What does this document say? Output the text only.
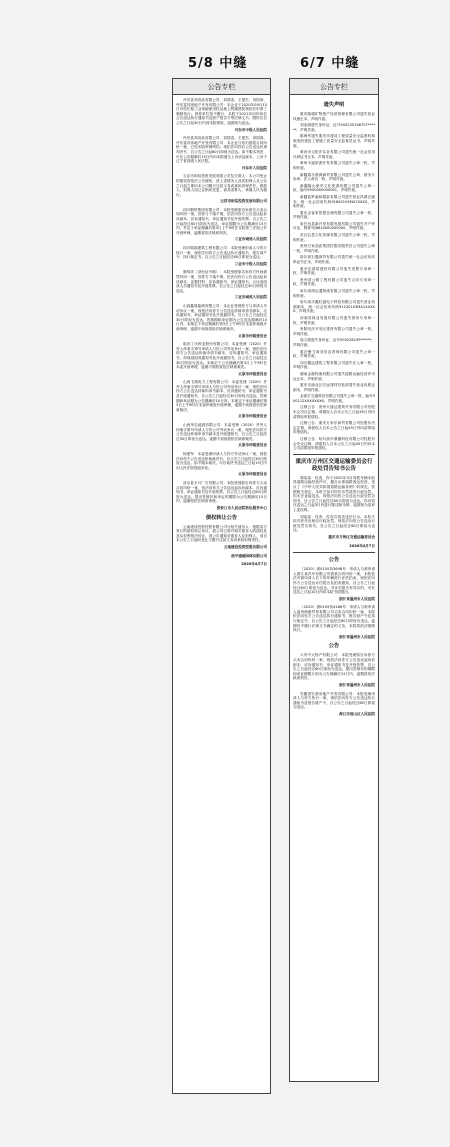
5/8 中缝	6/7 中缝
公告专栏

丹东富邦食品有限公司、刘国清、王建杰、刘国涛、丹东富邦房地产开发有限公司：本企业于2020年09月15日对你们原工业用地使用权及地上附属建筑物依法申请了强制执行。因你单位拒不履行，本院于2021年向你单位公告送达执行通知书及财产报告令等法律文书，限你们自公告之日起30日内到本院领取，逾期视为送达。

丹东市中级人民法院

丹东富邦食品有限公司、刘国清、王建杰、刘国涛、丹东富邦房地产开发有限公司：本企业与你们借款合同纠纷一案，已经本院审理终结。现依法向你们公告送达民事判决书，自公告之日起60日即视为送达。如不服本判决，可在公告期满后15日内向本院递交上诉状及副本，上诉于辽宁省高级人民法院。

丹东市人民法院

云浮市和信投资发展有限公司及关联人：本公司受让的债权现依法公告催收，请上述债务人及其担保人从公告之日起立即向本公司履行还款义务或承担担保责任。借款人、担保人如已注销或变更，请其清算人、承继人代为履行。

云浮市和信投资发展有限公司

四川钢铁集团有限公司：本院受理原告诉被告买卖合同纠纷一案，因你方下落不明，依法向你方公告送达起诉状副本、应诉通知书、举证通知书及开庭传票。自公告之日起经过60日即视为送达，举证期限为公告期满后15日内，并定于举证期满后第3日上午9时在本院第三法庭公开开庭审理，逾期将依法缺席判决。

三亚市城郊人民法院

四川锦源建筑工程有限公司：本院受理申请人与你方执行一案，现依法向你方公告送达执行通知书、报告财产令、执行裁定书。自公告之日起经过60日即视为送达。

三亚市中级人民法院

康明祥（身份证号略）：本院受理原告诉你方民间借贷纠纷一案，因你方下落不明，依法向你方公告送达起诉状副本、证据材料、应诉通知书、举证通知书、合议庭组成人员通知书及开庭传票。自公告之日起经过30日即视为送达。

三亚市城郊人民法院

山西鑫晟能源有限公司：本企业受理你方与申请人劳动争议一案，现依法向你方公告送达仲裁申请书副本、应诉通知书、举证通知书及开庭通知书。自公告之日起经过30日即视为送达，答辩期和举证期为公告送达期满后10日内。本案定于举证期满后第3日上午9时在本委仲裁庭开庭审理，逾期不到庭将依法缺席裁决。

太原市仲裁委员会

临汾丁氏种业股份有限公司：本委受理（2020）并劳人仲案字第号申请人与你公司劳动争议一案，现依法向你方公告送达仲裁申请书副本、应诉通知书、举证通知书、仲裁庭组成通知书及开庭通知书。自公告之日起经过30日即视为送达。本案定于公告期满后第3日上午9时在本委开庭审理，逾期不到庭将依法缺席裁决。

太原市仲裁委员会

山西飞翔电力工程有限公司：本委受理（2020）并劳人仲案字第号申请人与你公司劳动争议一案，现依法向你方公告送达仲裁申请书副本、应诉通知书、举证通知书及开庭通知书，自公告之日起经过30日即视为送达。答辩期和举证期为公告期满后10日内。本案定于举证期满后第3日上午9时在本委仲裁庭开庭审理，逾期不到庭将依法缺席裁决。

太原市仲裁委员会

山西华弘能源有限公司：本委受理（2020）并劳人仲案字第号申请人与你公司劳动争议一案，现依法向你方公告送达仲裁申请书副本及开庭通知书，自公告之日起经过30日即视为送达。逾期不到庭将依法缺席裁决。

太原市仲裁委员会

杨建军：本委受理申请人与你方劳动争议一案，现依法向你方公告送达仲裁裁决书。自公告之日起经过30日即视为送达。如不服本裁决，可自裁决书送达之日起15日内向人民法院提起诉讼。

太原市仲裁委员会

清水县永兴厂石有限公司：本院受理原告诉你方买卖合同纠纷一案，依法向你方公告送达起诉状副本、应诉通知书、举证通知书及开庭传票，自公告之日起经过60日即视为送达。提出答辩状和举证的期限为公告期满后15日内，逾期将依法缺席审理。

张家口市人民法院诉讼服务中心

债权转让公告

云南建设投资控股有限公司与相关债务人：根据双方签订的债权转让协议，我公司已将对相关债务人的债权及其从权利依法转让，现公告通知各债务人及担保人，请自本公告之日起向受让方履行还款义务或承担担保责任。

云南建设投资控股有限公司

南平建瓯园林有限公司

2020年4月7日

公告专栏

遗失声明

重庆隆德矿物资产经营管理有限公司遗失营业执照正本，声明作废。

刘亚丽遗失身份证，证号500235198707******，声明作废。

陈海军遗失重庆市建设工程质量安全监督机构颁发的建设工程施工质量安全监督员证书，声明作废。

黄河市元阳乡实业有限公司遗失统一社会信用代码证书正本，声明作废。

黄州丰盛旅游开发有限公司遗失公章一枚，声明作废。

新疆瑞丰康源商贸有限公司遗失公章、财务专用章、法人章各一枚，声明作废。

新疆隆山豪华文化旅游有限公司遗失公章一枚，编号6500000000001，声明作废。

新疆蓝岭嘉和服装有限公司遗失营业执照正副本，统一社会信用代码91650105MA7XXXX，声明作废。

重庆金客家智慧仓储有限公司遗失公章一枚，声明作废。

哈巴河县新开发有限发展有限公司遗失开户许可证，核准号J8810000000000，声明作废。

武汉弘盈文化传媒有限公司遗失公章一枚，声明作废。

贵州万家品质集团控股有限责任公司遗失公章一枚，声明作废。

哈尔滨宏鑫商贸有限公司遗失统一社会信用代码证书正本，声明作废。

重庆弘基星建材有限公司遗失发票专用章一枚，声明作废。

贵州省公路工程有限公司遗失合同专用章一枚，声明作废。

哈尔滨鸿运通物流有限公司遗失公章一枚，声明作废。

哈尔滨市鑫旺盛电子科技有限公司遗失营业执照副本，统一社会信用代码91230103MA1XXXXX，声明作废。

河南省林业发展有限公司遗失财务专用章一枚，声明作废。

贵阳经济开发区建材有限公司遗失公章一枚，声明作废。

周文娟遗失身份证，证号500228199******，声明作废。

重庆聚力商务信息咨询有限公司遗失公章一枚，声明作废。

四川鑫远建筑工程有限公司遗失法人章一枚，声明作废。

湖南金港物流有限公司遗失道路运输经营许可证正本，声明作废。

重庆市渝北区宏远建材经营部遗失营业执照正副本，声明作废。

金凯宏交通科技有限公司遗失公章一枚，编号500112XXXXXXXX，声明作废。

注销公告：贵州兴盛达建筑劳务有限公司经股东会决议注销，请债权人自本公告之日起45日内向清算组申报债权。

注销公告：重庆万家乐商贸有限公司经股东决定注销，请债权人自本公告之日起45日内向清算组申报债权。

注销公告：哈尔滨市鼎鑫科技有限公司经股东会决议注销，请债权人自本公告之日起45日内向本公司清算组申报债权。

重庆市万州区交通运输委员会行政处罚告知书公告

谭某某：经查，你于2020年3月驾驶车辆未取得道路运输经营许可，擅自从事道路客运经营，违反了《中华人民共和国道路运输条例》的规定。依据相关规定，本机关拟对你作出罚款的行政处罚。因无法直接送达，现依法向你公告送达行政处罚告知书，自公告之日起经过60日即视为送达。你有权在送达之日起3日内进行陈述和申辩，逾期视为放弃上述权利。

刘某某：经查，你存在同类违法行为，本机关拟对你作出相应行政处罚，现依法向你公告送达行政处罚告知书，自公告之日起经过60日即视为送达。

重庆市万州区交通运输委员会

2020年4月7日

公告

（2020）浙0105执3698号：申请人与被申请人浙江某汽车有限公司借款合同纠纷一案，本院依法对被申请人名下的车辆进行评估拍卖，现依法向你方公告送达评估报告及拍卖通知，自公告之日起经过60日即视为送达。对评估报告有异议的，可在送达之日起10日内向本院书面提出。

浙江省温州市人民法院

（2020）浙0105执4166号：申请人与被申请人温州海港贸易有限公司买卖合同纠纷一案，本院依法向你方公告送达执行通知书、报告财产令及执行裁定书，自公告之日起经过60日即视为送达。逾期仍不履行法律文书确定的义务，本院将依法强制执行。

浙江省温州市人民法院

公告

六安中大物产有限公司：本院受理原告诉你方买卖合同纠纷一案，现依法向你方公告送达起诉状副本、应诉通知书、举证通知书及开庭传票，自公告之日起经过60日即视为送达。提出答辩状的期限和举证期限分别为公告期满后15日内，逾期将依法缺席判决。

浙江省温州市人民法院

安徽省宏基房地产开发有限公司：本院受理申请人与你方执行一案，现依法向你方公告送达执行通知书及报告财产令，自公告之日起经过60日即视为送达。

海口市琼山区人民法院
